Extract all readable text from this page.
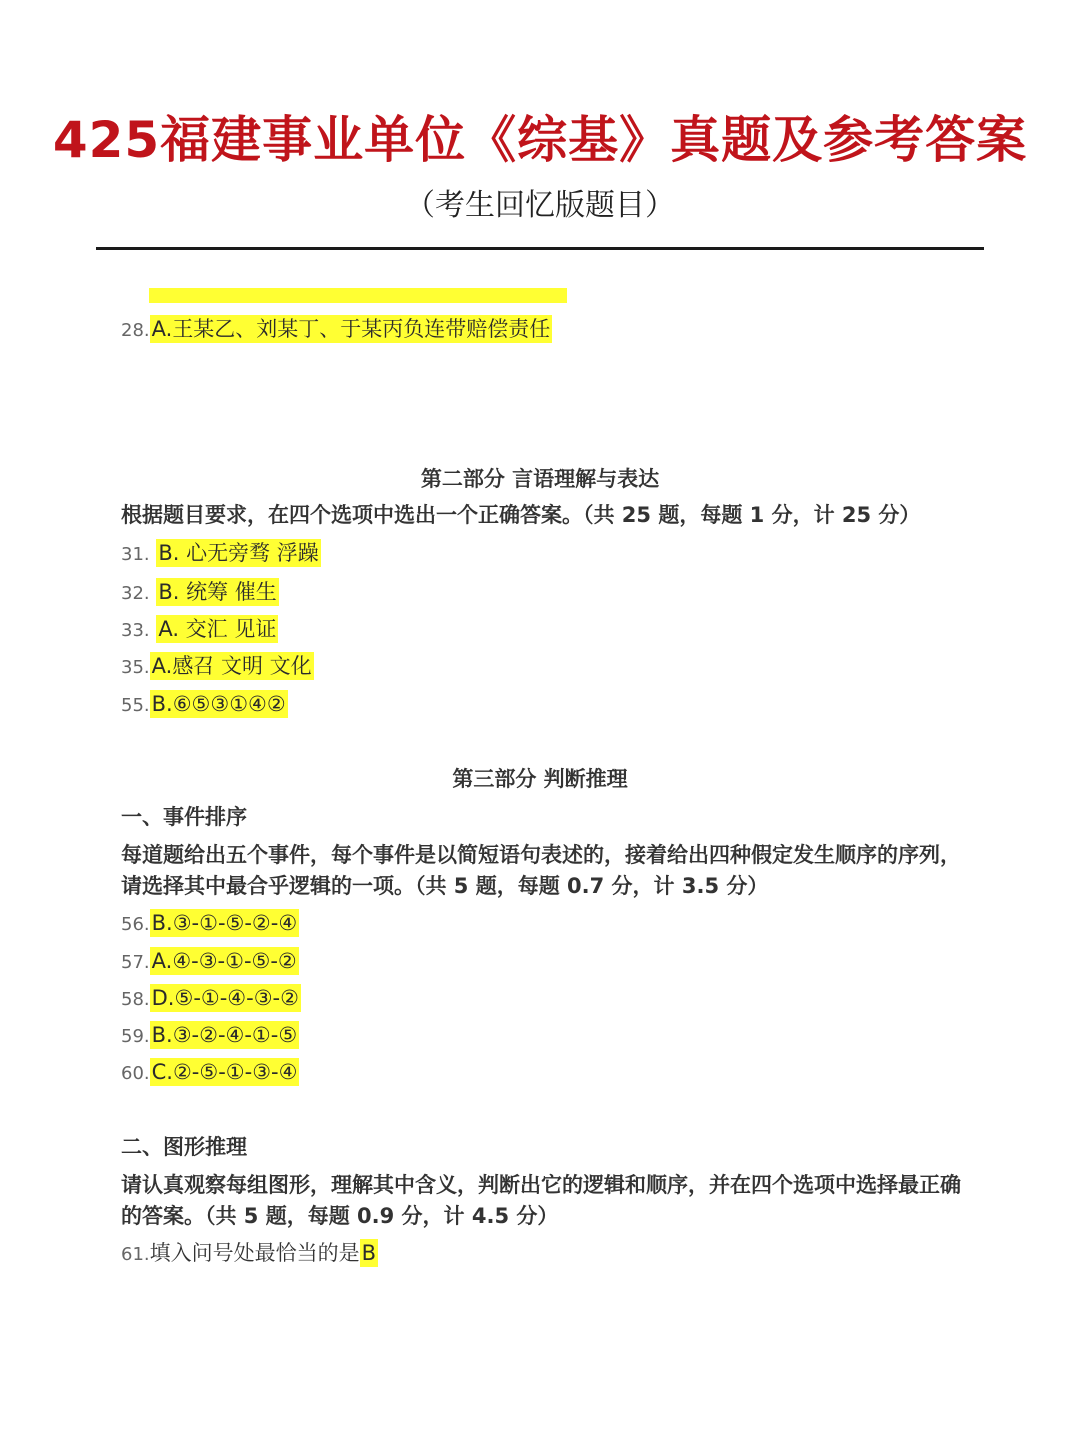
425福建事业单位《综基》真题及参考答案
（考生回忆版题目）
28.A.王某乙、刘某丁、于某丙负连带赔偿责任
第二部分 言语理解与表达
根据题目要求，在四个选项中选出一个正确答案。（共 25 题，每题 1 分，计 25 分）
31. B. 心无旁骛 浮躁
32. B. 统筹 催生
33. A. 交汇 见证
35.A.感召 文明 文化
55.B.⑥⑤③①④②
第三部分 判断推理
一、事件排序
每道题给出五个事件，每个事件是以简短语句表述的，接着给出四种假定发生顺序的序列，请选择其中最合乎逻辑的一项。（共 5 题，每题 0.7 分，计 3.5 分）
56.B.③-①-⑤-②-④
57.A.④-③-①-⑤-②
58.D.⑤-①-④-③-②
59.B.③-②-④-①-⑤
60.C.②-⑤-①-③-④
二、图形推理
请认真观察每组图形，理解其中含义，判断出它的逻辑和顺序，并在四个选项中选择最正确的答案。（共 5 题，每题 0.9 分，计 4.5 分）
61.填入问号处最恰当的是B
